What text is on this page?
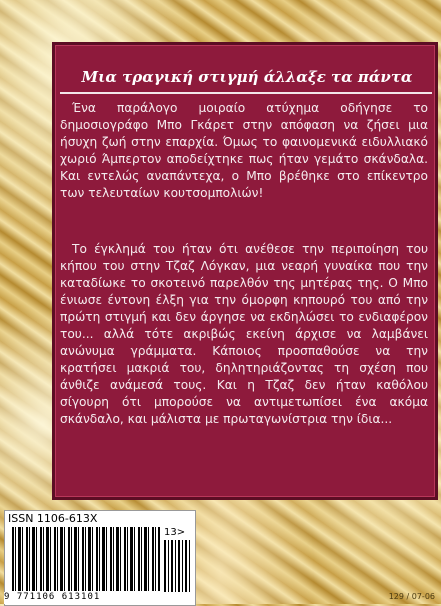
Μια τραγική στιγμή άλλαξε τα πάντα

Ένα παράλογο μοιραίο ατύχημα οδήγησε το δημοσιογράφο Μπο Γκάρετ στην απόφαση να ζήσει μια ήσυχη ζωή στην επαρχία. Όμως το φαινομενικά ειδυλλιακό χωριό Άμπερτον αποδείχτηκε πως ήταν γεμάτο σκάνδαλα. Και εντελώς αναπάντεχα, ο Μπο βρέθηκε στο επίκεντρο των τελευταίων κουτσομπολιών!

Το έγκλημά του ήταν ότι ανέθεσε την περιποίηση του κήπου του στην Τζαζ Λόγκαν, μια νεαρή γυναίκα που την καταδίωκε το σκοτεινό παρελθόν της μητέρας της. Ο Μπο ένιωσε έντονη έλξη για την όμορφη κηπουρό του από την πρώτη στιγμή και δεν άργησε να εκδηλώσει το ενδιαφέρον του... αλλά τότε ακριβώς εκείνη άρχισε να λαμβάνει ανώνυμα γράμματα. Κάποιος προσπαθούσε να την κρατήσει μακριά του, δηλητηριάζοντας τη σχέση που άνθιζε ανάμεσά τους. Και η Τζαζ δεν ήταν καθόλου σίγουρη ότι μπορούσε να αντιμετωπίσει ένα ακόμα σκάνδαλο, και μάλιστα με πρωταγωνίστρια την ίδια...

ISSN 1106-613X
9 771106 613101
13>
129 / 07-06
